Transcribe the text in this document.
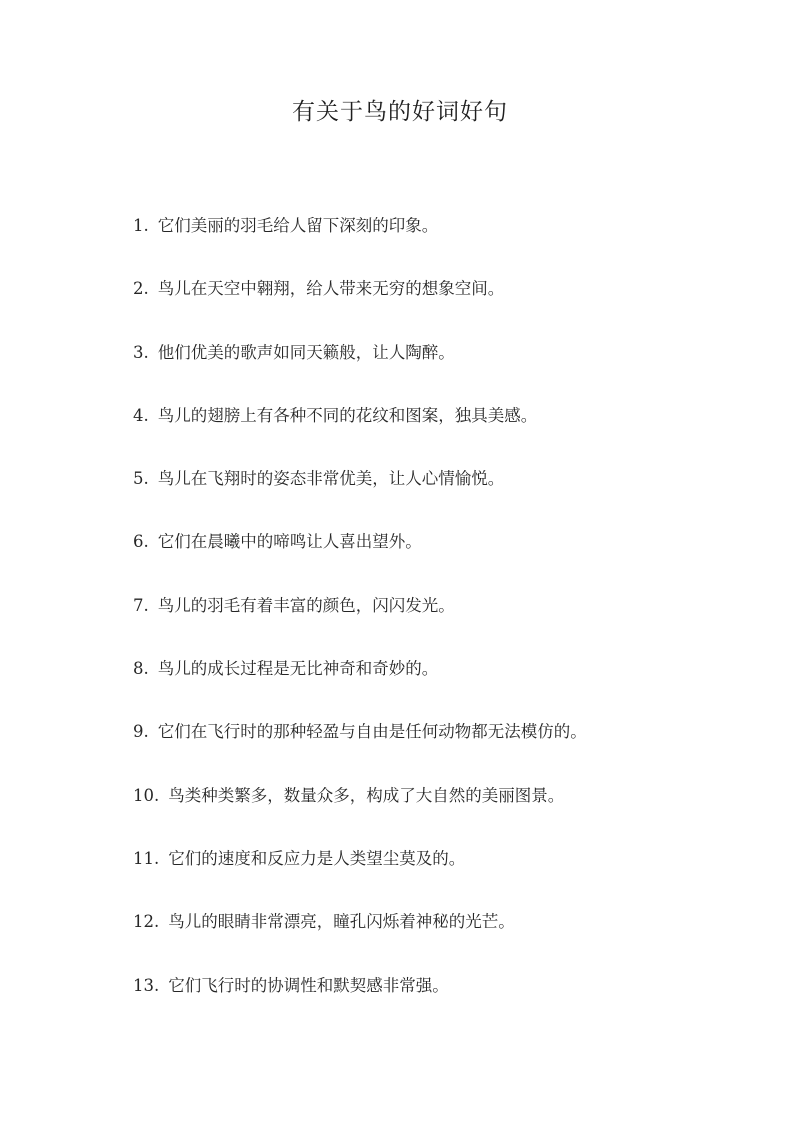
有关于鸟的好词好句
1. 它们美丽的羽毛给人留下深刻的印象。
2. 鸟儿在天空中翱翔，给人带来无穷的想象空间。
3. 他们优美的歌声如同天籁般，让人陶醉。
4. 鸟儿的翅膀上有各种不同的花纹和图案，独具美感。
5. 鸟儿在飞翔时的姿态非常优美，让人心情愉悦。
6. 它们在晨曦中的啼鸣让人喜出望外。
7. 鸟儿的羽毛有着丰富的颜色，闪闪发光。
8. 鸟儿的成长过程是无比神奇和奇妙的。
9. 它们在飞行时的那种轻盈与自由是任何动物都无法模仿的。
10. 鸟类种类繁多，数量众多，构成了大自然的美丽图景。
11. 它们的速度和反应力是人类望尘莫及的。
12. 鸟儿的眼睛非常漂亮，瞳孔闪烁着神秘的光芒。
13. 它们飞行时的协调性和默契感非常强。
